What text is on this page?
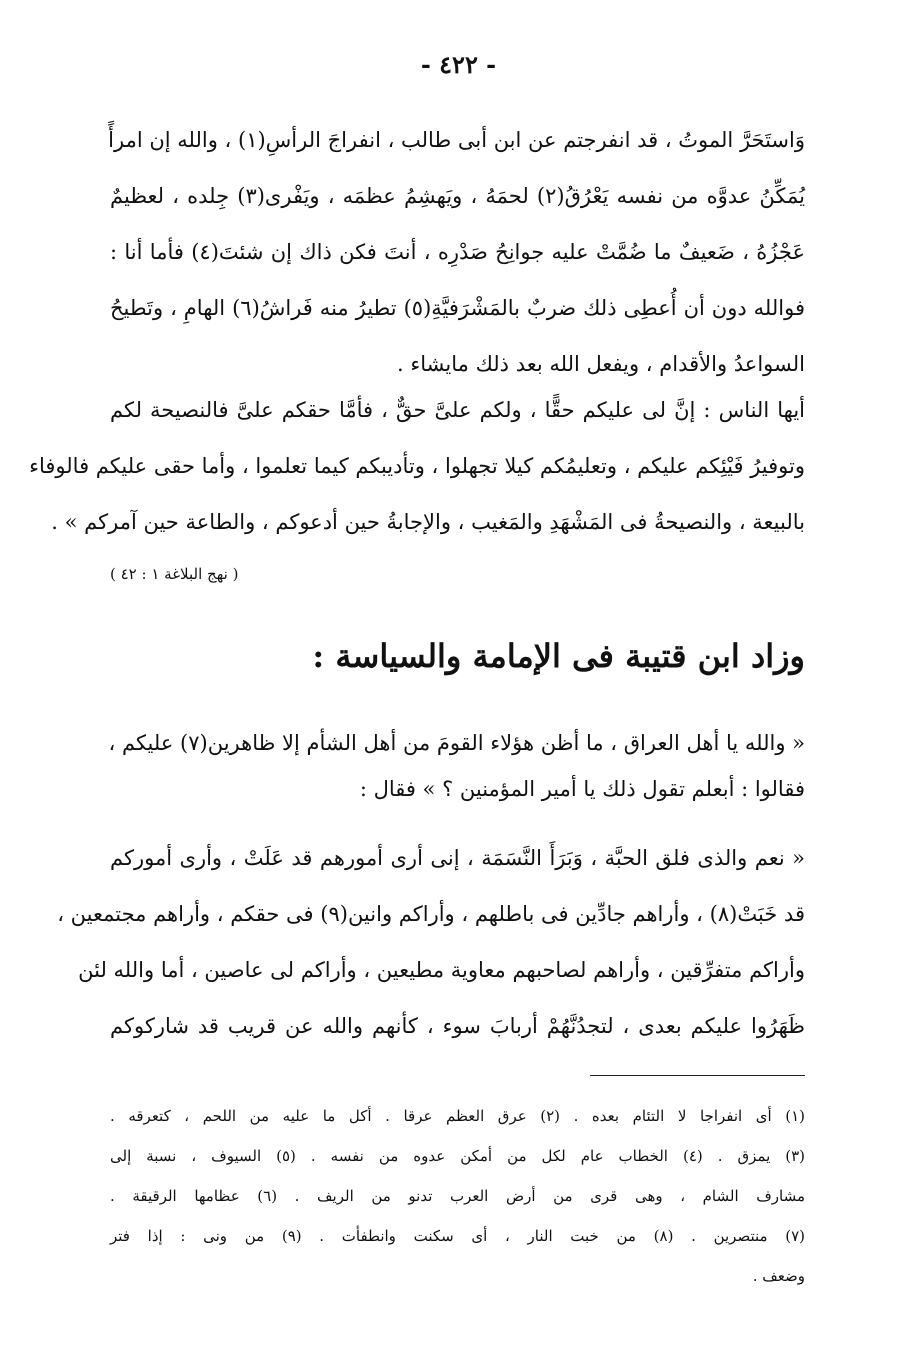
- ٤٢٢ -
وَاستَحَرَّ الموتُ ، قد انفرجتم عن ابن أبى طالب ، انفراجَ الرأسِ(١) ، والله إن امرأً
يُمَكِّنُ عدوَّه من نفسه يَعْرُقُ(٢) لحمَهُ ، ويَهشِمُ عظمَه ، ويَفْرى(٣) جِلده ، لعظيمٌ
عَجْزُهُ ، ضَعيفٌ ما ضُمَّتْ عليه جوانِحُ صَدْرِه ، أنتَ فكن ذاك إن شئتَ(٤) فأما أنا :
فوالله دون أن أُعطِى ذلك ضربٌ بالمَشْرَفيَّةِ(٥) تطيرُ منه فَراشُ(٦) الهامِ ، وتَطيحُ
السواعدُ والأقدام ، ويفعل الله بعد ذلك مايشاء .
أيها الناس : إنَّ لى عليكم حقًّا ، ولكم علىَّ حقٌّ ، فأمَّا حقكم علىَّ فالنصيحة لكم
وتوفيرُ فَيْئِكم عليكم ، وتعليمُكم كيلا تجهلوا ، وتأديبكم كيما تعلموا ، وأما حقى عليكم فالوفاء
بالبيعة ، والنصيحةُ فى المَشْهَدِ والمَغيب ، والإجابةُ حين أدعوكم ، والطاعة حين آمركم » .
( نهج البلاغة ١ : ٤٢ )
وزاد ابن قتيبة فى الإمامة والسياسة :
« والله يا أهل العراق ، ما أظن هؤلاء القومَ من أهل الشأم إلا ظاهرين(٧) عليكم ،
فقالوا : أبعلم تقول ذلك يا أمير المؤمنين ؟ » فقال :
« نعم والذى فلق الحبَّة ، وَبَرَأَ النَّسَمَة ، إنى أرى أمورهم قد عَلَتْ ، وأرى أموركم
قد خَبَتْ(٨) ، وأراهم جادِّين فى باطلهم ، وأراكم وانين(٩) فى حقكم ، وأراهم مجتمعين ،
وأراكم متفرِّقين ، وأراهم لصاحبهم معاوية مطيعين ، وأراكم لى عاصين ، أما والله لئن
ظَهَرُوا عليكم بعدى ، لتجدُنَّهُمْ أربابَ سوء ، كأنهم والله عن قريب قد شاركوكم
(١) أى انفراجا لا التئام بعده . (٢) عرق العظم عرقا . أكل ما عليه من اللحم ، كتعرقه .
(٣) يمزق . (٤) الخطاب عام لكل من أمكن عدوه من نفسه . (٥) السيوف ، نسبة إلى
مشارف الشام ، وهى قرى من أرض العرب تدنو من الريف . (٦) عظامها الرقيقة .
(٧) منتصرين . (٨) من خبت النار ، أى سكنت وانطفأت . (٩) من ونى : إذا فتر
وضعف .
